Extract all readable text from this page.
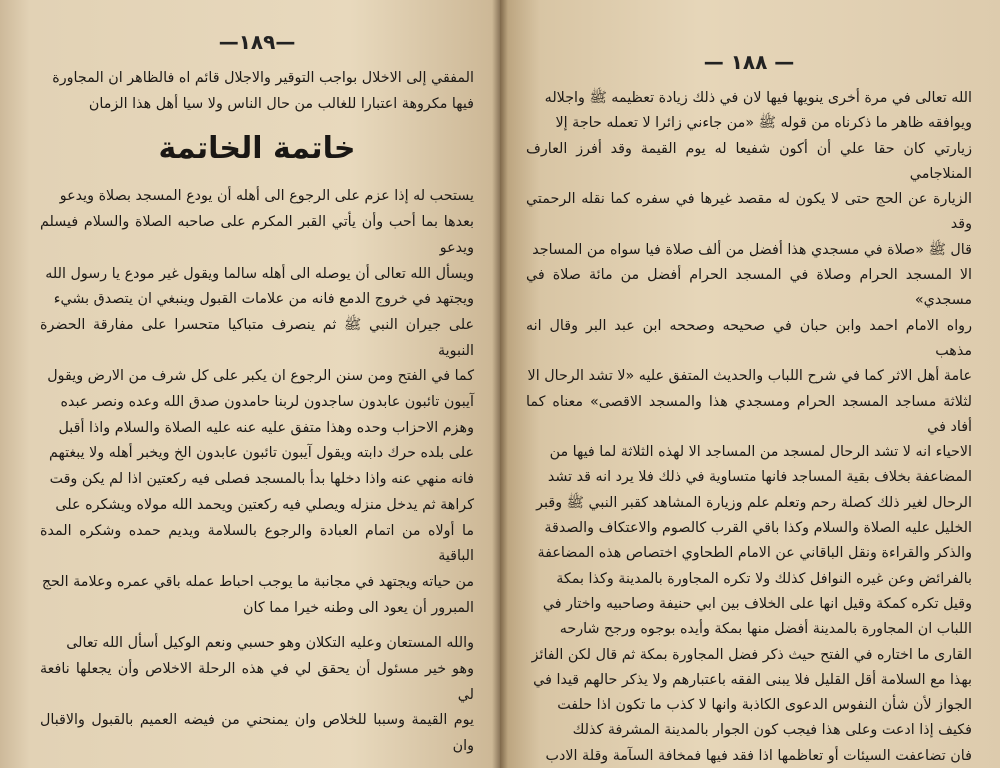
—١٨٩—

المفقي إلى الاخلال بواجب التوقير والاجلال قائم اه فالظاهر ان المجاورة

فيها مكروهة اعتبارا للغالب من حال الناس ولا سيا أهل هذا الزمان

خاتمة الخاتمة

يستحب له إذا عزم على الرجوع الى أهله أن يودع المسجد بصلاة ويدعو

بعدها بما أحب وأن يأتي القبر المكرم على صاحبه الصلاة والسلام فيسلم ويدعو

ويسأل الله تعالى أن يوصله الى أهله سالما ويقول غير مودع يا رسول الله

ويجتهد في خروج الدمع فانه من علامات القبول وينبغي ان يتصدق بشيء

على جيران النبي ﷺ ثم ينصرف متباكيا متحسرا على مفارقة الحضرة النبوية

كما في الفتح ومن سنن الرجوع ان يكبر على كل شرف من الارض ويقول

آيبون تائبون عابدون ساجدون لربنا حامدون صدق الله وعده ونصر عبده

وهزم الاحزاب وحده وهذا متفق عليه عنه عليه الصلاة والسلام واذا أقبل

على بلده حرك دابته ويقول آيبون تائبون عابدون الخ ويخبر أهله ولا يبغتهم

فانه منهي عنه واذا دخلها بدأ بالمسجد فصلى فيه ركعتين اذا لم يكن وقت

كراهة ثم يدخل منزله ويصلي فيه ركعتين ويحمد الله مولاه ويشكره على

ما أولاه من اتمام العبادة والرجوع بالسلامة ويديم حمده وشكره المدة الباقية

من حياته ويجتهد في مجانبة ما يوجب احباط عمله باقي عمره وعلامة الحج

المبرور أن يعود الى وطنه خيرا مما كان

والله المستعان وعليه التكلان وهو حسبي ونعم الوكيل أسأل الله تعالى

وهو خير مسئول أن يحقق لي في هذه الرحلة الاخلاص وأن يجعلها نافعة لي

يوم القيمة وسببا للخلاص وان يمنحني من فيضه العميم بالقبول والاقبال وان

— ١٨٨ —

الله تعالى في مرة أخرى ينويها فيها لان في ذلك زيادة تعظيمه ﷺ واجلاله

ويوافقه ظاهر ما ذكرناه من قوله ﷺ «من جاءني زائرا لا تعمله حاجة إلا

زيارتي كان حقا علي أن أكون شفيعا له يوم القيمة وقد أفرز العارف المنلاجامي

الزيارة عن الحج حتى لا يكون له مقصد غيرها في سفره كما نقله الرحمتي وقد

قال ﷺ «صلاة في مسجدي هذا أفضل من ألف صلاة فيا سواه من المساجد

الا المسجد الحرام وصلاة في المسجد الحرام أفضل من مائة صلاة في مسجدي»

رواه الامام احمد وابن حبان في صحيحه وصححه ابن عبد البر وقال انه مذهب

عامة أهل الاثر كما في شرح اللباب والحديث المتفق عليه «لا تشد الرحال الا

لثلاثة مساجد المسجد الحرام ومسجدي هذا والمسجد الاقصى» معناه كما أفاد في

الاحياء انه لا تشد الرحال لمسجد من المساجد الا لهذه الثلاثة لما فيها من

المضاعفة بخلاف بقية المساجد فانها متساوية في ذلك فلا يرد انه قد تشد

الرحال لغير ذلك كصلة رحم وتعلم علم وزيارة المشاهد كقبر النبي ﷺ وقبر

الخليل عليه الصلاة والسلام وكذا باقي القرب كالصوم والاعتكاف والصدقة

والذكر والقراءة ونقل الباقاني عن الامام الطحاوي اختصاص هذه المضاعفة

بالفرائض وعن غيره النوافل كذلك ولا تكره المجاورة بالمدينة وكذا بمكة

وقيل تكره كمكة وقيل انها على الخلاف بين ابي حنيفة وصاحبيه واختار في

اللباب ان المجاورة بالمدينة أفضل منها بمكة وأيده بوجوه ورجح شارحه

القارى ما اختاره في الفتح حيث ذكر فضل المجاورة بمكة ثم قال لكن الفائز

بهذا مع السلامة أقل القليل فلا يبنى الفقه باعتبارهم ولا يذكر حالهم قيدا في

الجواز لأن شأن النفوس الدعوى الكاذبة وانها لا كذب ما تكون اذا حلفت

فكيف إذا ادعت وعلى هذا فيجب كون الجوار بالمدينة المشرفة كذلك

فان تضاعفت السيئات أو تعاظمها اذا فقد فيها فمخافة السآمة وقلة الادب
